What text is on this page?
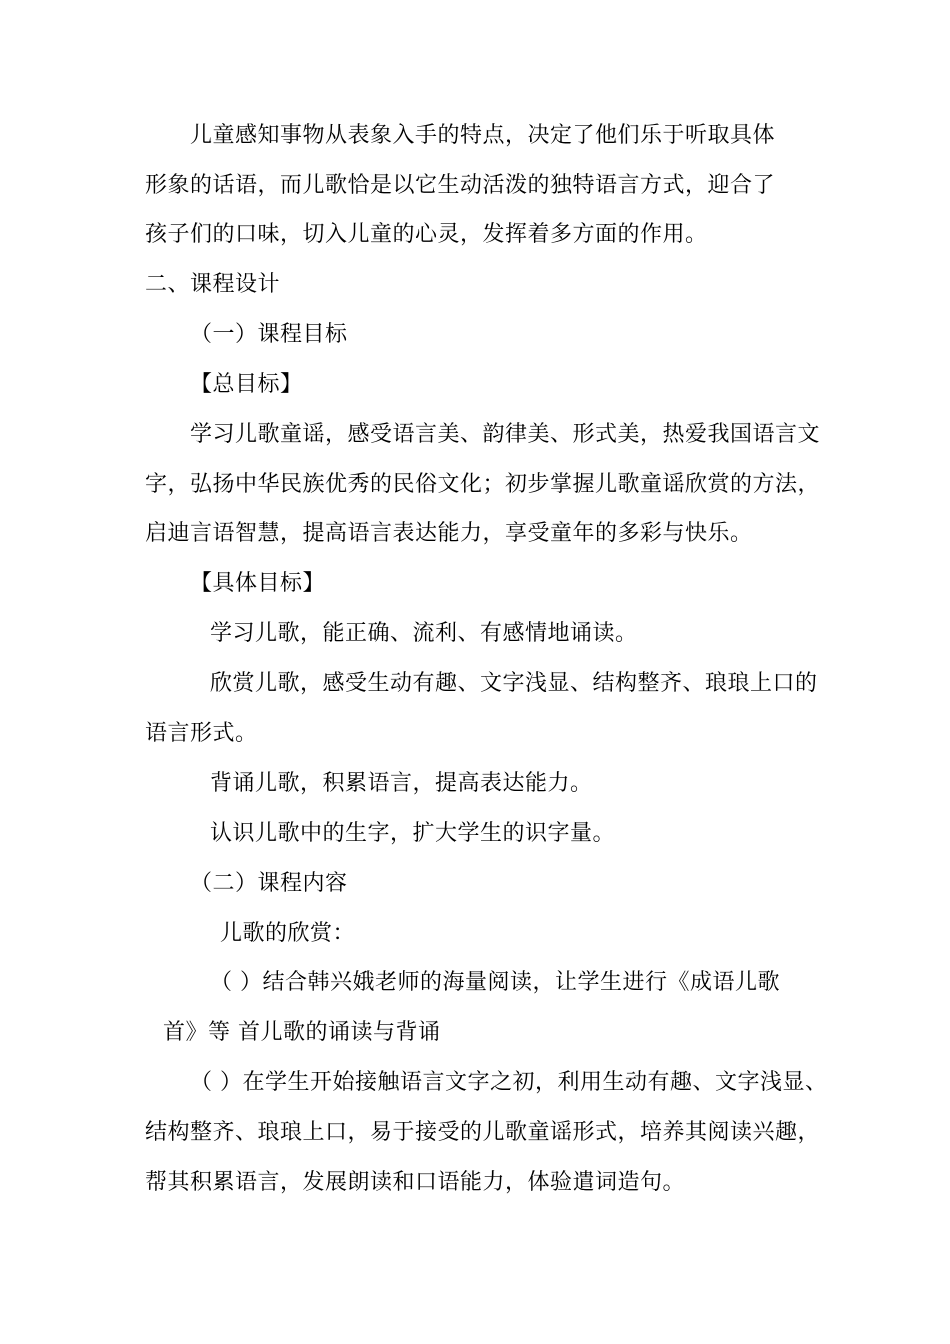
儿童感知事物从表象入手的特点，决定了他们乐于听取具体
形象的话语，而儿歌恰是以它生动活泼的独特语言方式，迎合了
孩子们的口味，切入儿童的心灵，发挥着多方面的作用。
二、课程设计
（一）课程目标
【总目标】
学习儿歌童谣，感受语言美、韵律美、形式美，热爱我国语言文
字，弘扬中华民族优秀的民俗文化；初步掌握儿歌童谣欣赏的方法，
启迪言语智慧，提高语言表达能力，享受童年的多彩与快乐。
【具体目标】
学习儿歌，能正确、流利、有感情地诵读。
欣赏儿歌，感受生动有趣、文字浅显、结构整齐、琅琅上口的
语言形式。
背诵儿歌，积累语言，提高表达能力。
认识儿歌中的生字，扩大学生的识字量。
（二）课程内容
儿歌的欣赏：
（ ）结合韩兴娥老师的海量阅读，让学生进行《成语儿歌
首》等 首儿歌的诵读与背诵
（ ）在学生开始接触语言文字之初，利用生动有趣、文字浅显、
结构整齐、琅琅上口，易于接受的儿歌童谣形式，培养其阅读兴趣，
帮其积累语言，发展朗读和口语能力，体验遣词造句。
